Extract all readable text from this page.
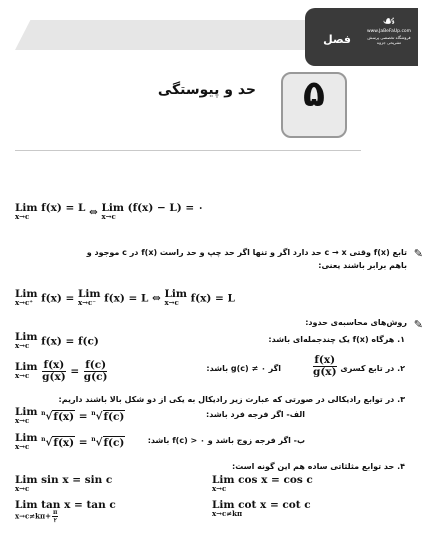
فصل
☙
www.JaBeFaUp.com
فروشگاه تخصصی پرسش تشریحی جزوه
۵
حد و پیوستگی
Lim f(x) = L
x→c	⇔ Lim (f(x) − L) = ۰
x→c
✎
تابع f(x) وقتی c → x حد دارد اگر و تنها اگر حد چپ و حد راست f(x) در c موجود و
باهم برابر باشند یعنی:
Lim
x→c⁺ f(x) = Lim
x→c⁻ f(x) = L ⇔ Lim
x→c	f(x) = L
✎
روش‌های محاسبه‌ی حدود:
۱. هرگاه f(x) یک چندجمله‌ای باشد:
Lim
x→c	f(x) = f(c)
۲. در تابع کسری
$\frac{f(x)}{g(x)}$
اگر g(c) ≠ ۰ باشد:
Lim
x→c
	$\frac{f(x)}{g(x)} = \frac{f(c)}{g(c)}$
۳. در توابع رادیکالی در صورتی که عبارت زیر رادیکال به یکی از دو شکل بالا باشند داریم:
الف- اگر فرجه فرد باشد:
Lim
x→c
$^n$√f(x) = $^n$√f(c)
ب- اگر فرجه زوج باشد و f(c) > ۰ باشد:
Lim
x→c
$^n$√f(x) = $^n$√f(c)
۴. حد توابع مثلثاتی ساده هم این گونه است:
Lim sin x = sin c
x→c
Lim cos x = cos c
x→c
Lim tan x = tan c
$x\to c\ne k\pi+ \frac{\pi}{۲}$
Lim cot x = cot c
x→c≠kπ
